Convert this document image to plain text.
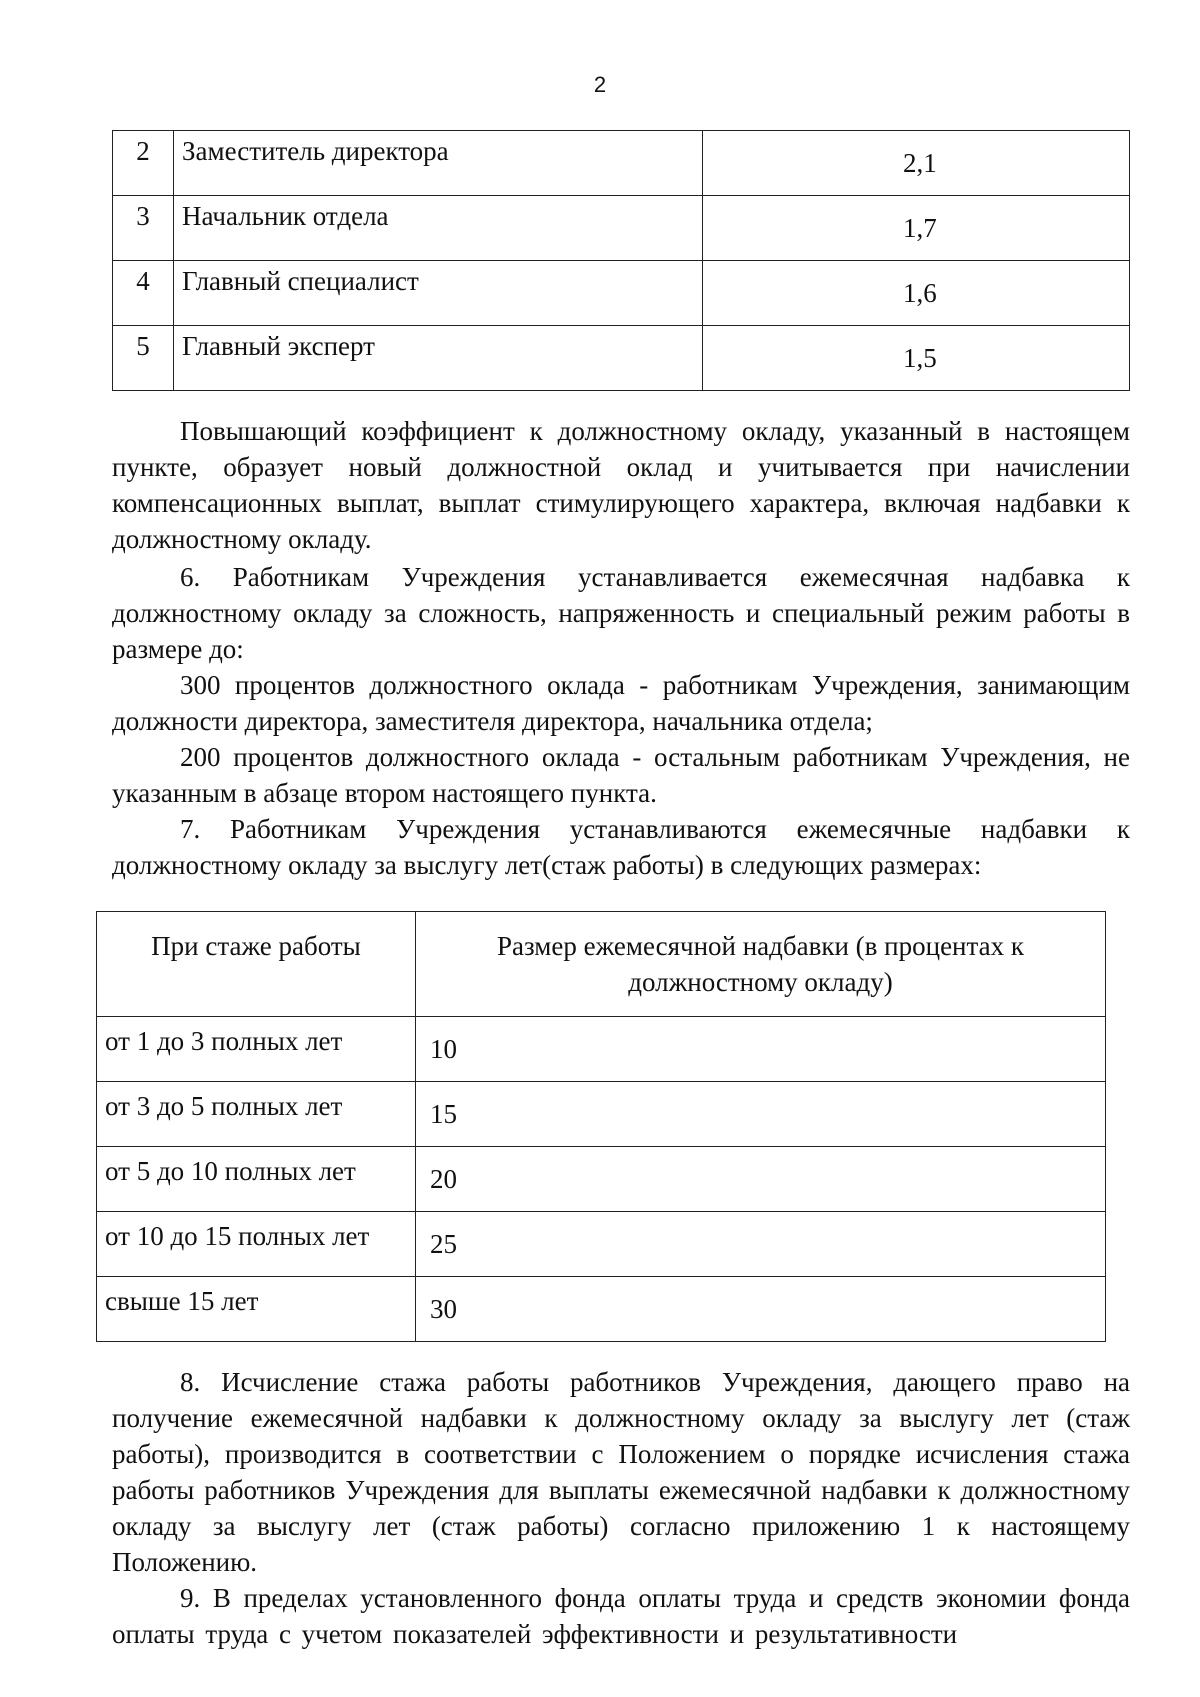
2
2	Заместитель директора	2,1
3	Начальник отдела	1,7
4	Главный специалист	1,6
5	Главный эксперт	1,5

Повышающий коэффициент к должностному окладу, указанный в настоящем пункте, образует новый должностной оклад и учитывается при начислении компенсационных выплат, выплат стимулирующего характера, включая надбавки к должностному окладу.

6. Работникам Учреждения устанавливается ежемесячная надбавка к должностному окладу за сложность, напряженность и специальный режим работы в размере до:

300 процентов должностного оклада - работникам Учреждения, занимающим должности директора, заместителя директора, начальника отдела;

200 процентов должностного оклада - остальным работникам Учреждения, не указанным в абзаце втором настоящего пункта.

7. Работникам Учреждения устанавливаются ежемесячные надбавки к должностному окладу за выслугу лет(стаж работы) в следующих размерах:

При стаже работы	Размер ежемесячной надбавки (в процентах к должностному окладу)
от 1 до 3 полных лет	10
от 3 до 5 полных лет	15
от 5 до 10 полных лет	20
от 10 до 15 полных лет	25
свыше 15 лет	30

8. Исчисление стажа работы работников Учреждения, дающего право на получение ежемесячной надбавки к должностному окладу за выслугу лет (стаж работы), производится в соответствии с Положением о порядке исчисления стажа работы работников Учреждения для выплаты ежемесячной надбавки к должностному окладу за выслугу лет (стаж работы) согласно приложению 1 к настоящему Положению.

9. В пределах установленного фонда оплаты труда и средств экономии фонда оплаты труда с учетом показателей эффективности и результативности
